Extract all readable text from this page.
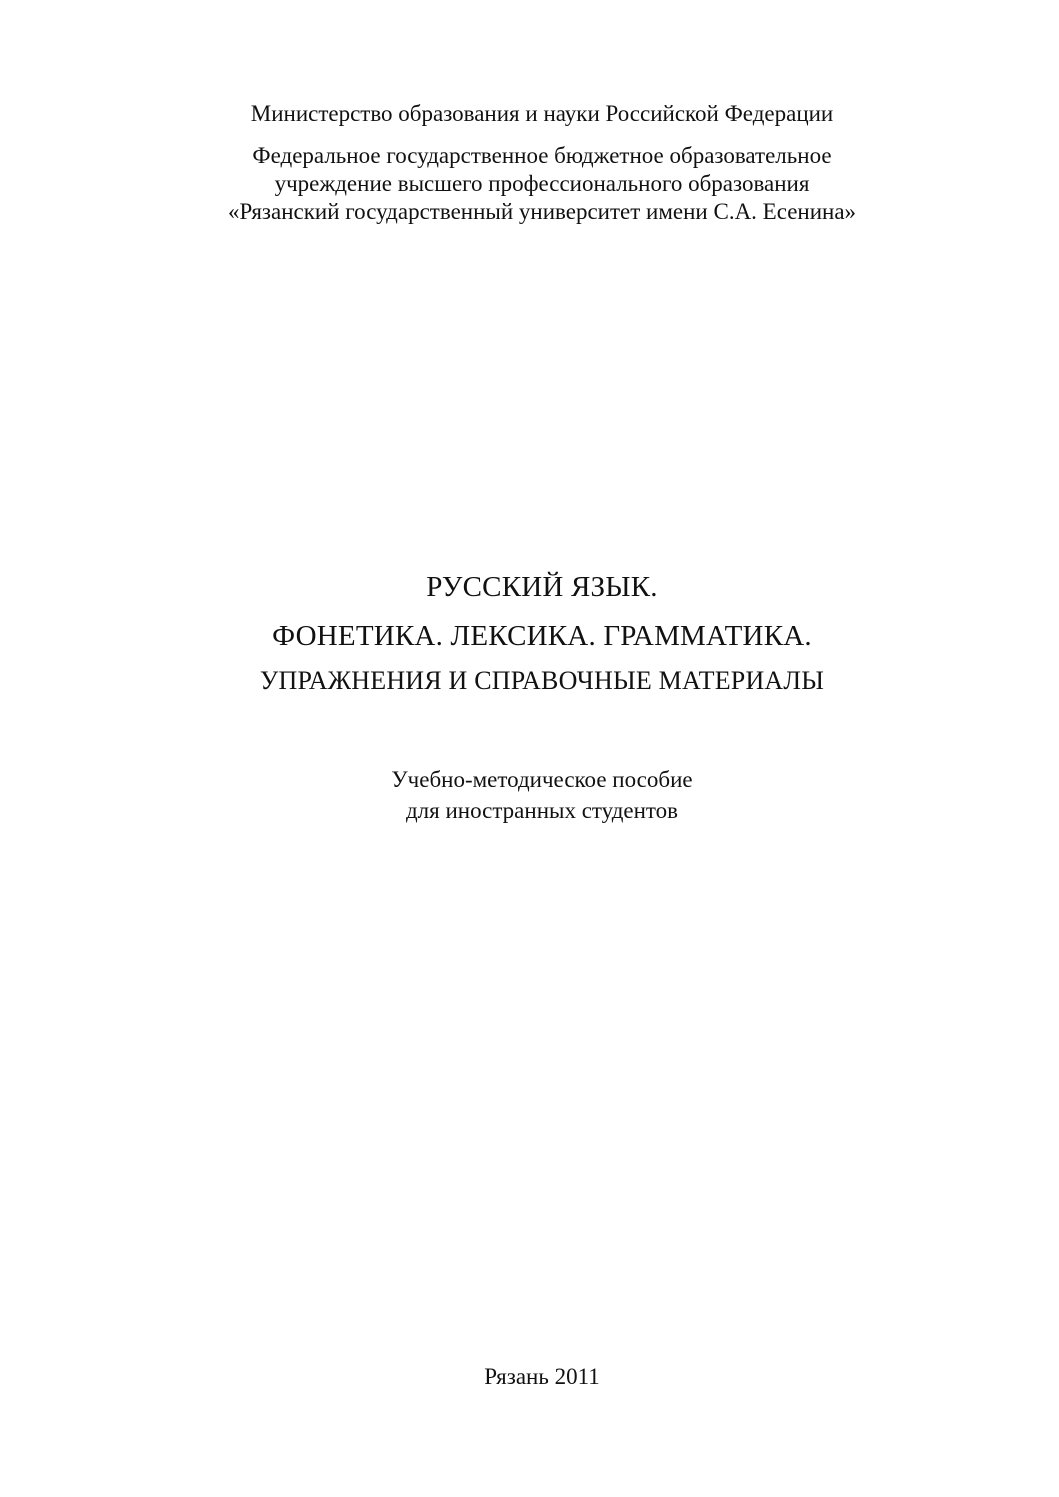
Министерство образования и науки Российской Федерации
Федеральное государственное бюджетное образовательное
учреждение высшего профессионального образования
«Рязанский государственный университет имени С.А. Есенина»
РУССКИЙ ЯЗЫК.
ФОНЕТИКА. ЛЕКСИКА. ГРАММАТИКА.
УПРАЖНЕНИЯ И СПРАВОЧНЫЕ МАТЕРИАЛЫ
Учебно-методическое пособие
для иностранных студентов
Рязань 2011
